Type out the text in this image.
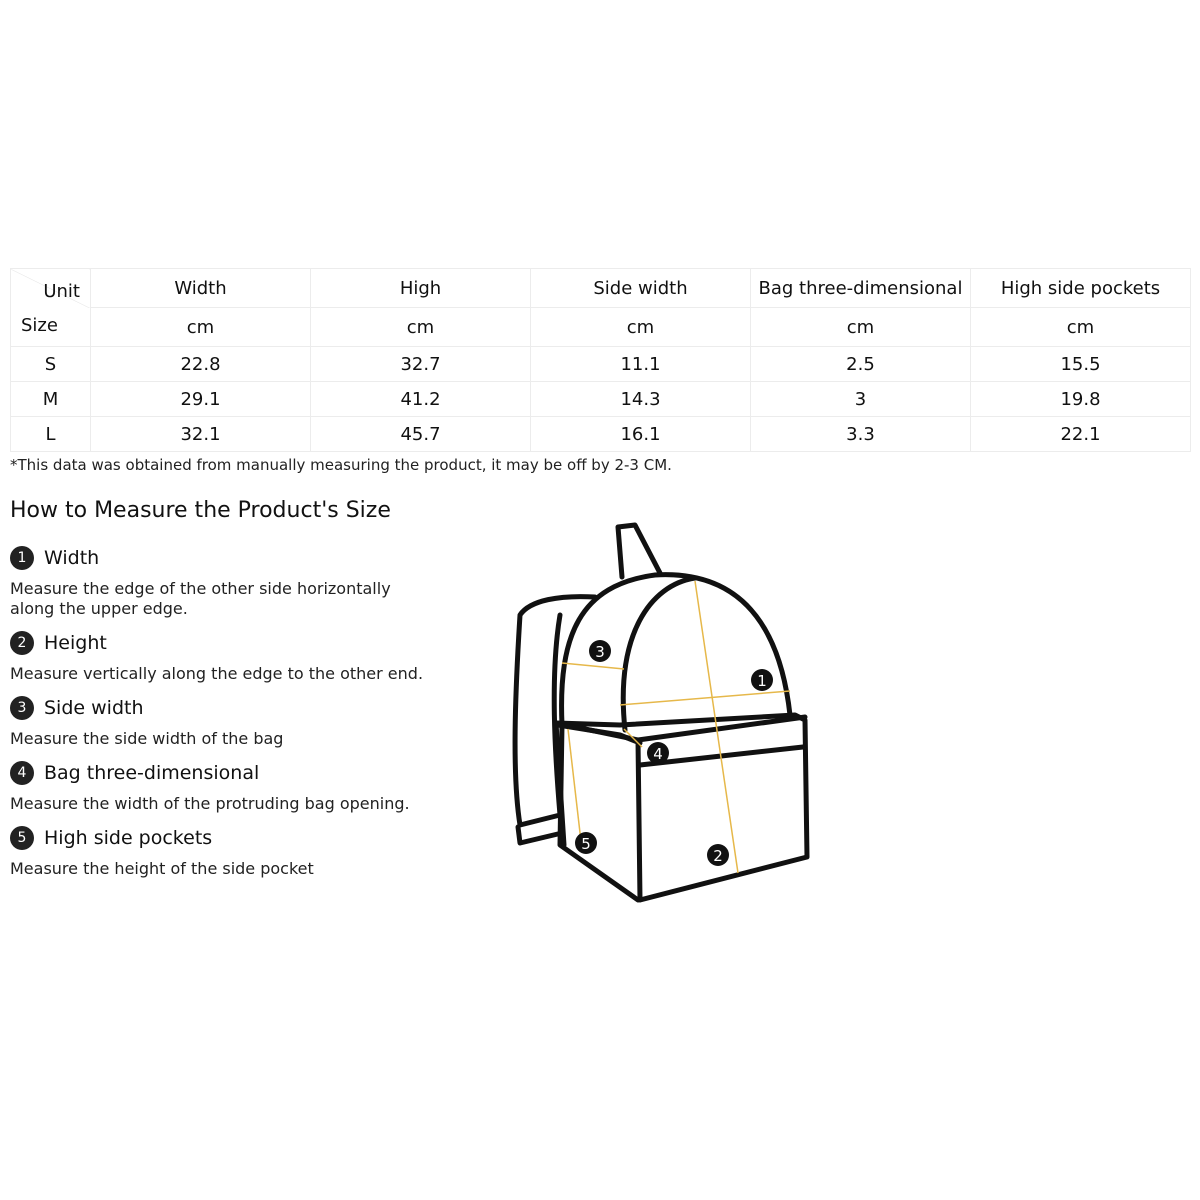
Unit
Size	Width	High	Side width	Bag three-dimensional	High side pockets
	cm	cm	cm	cm	cm
S	22.8	32.7	11.1	2.5	15.5
M	29.1	41.2	14.3	3	19.8
L	32.1	45.7	16.1	3.3	22.1
*This data was obtained from manually measuring the product, it may be off by 2-3 CM.
How to Measure the Product's Size
1 Width
Measure the edge of the other side horizontally along the upper edge.
2 Height
Measure vertically along the edge to the other end.
3 Side width
Measure the side width of the bag
4 Bag three-dimensional
Measure the width of the protruding bag opening.
5 High side pockets
Measure the height of the side pocket
1
2
3
4
5
